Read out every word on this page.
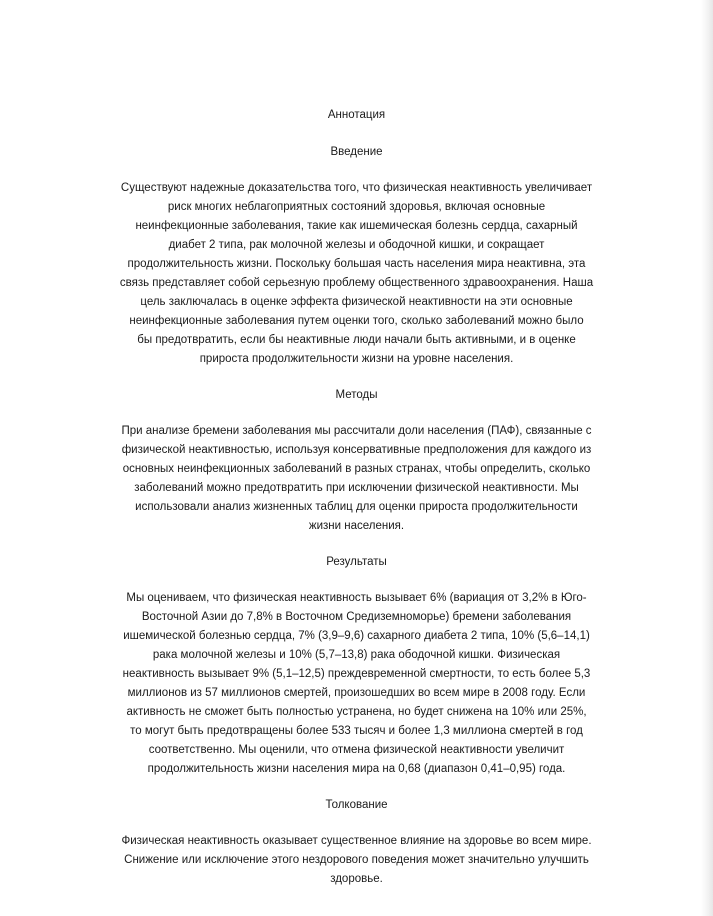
Аннотация
Введение

Существуют надежные доказательства того, что физическая неактивность увеличивает
риск многих неблагоприятных состояний здоровья, включая основные
неинфекционные заболевания, такие как ишемическая болезнь сердца, сахарный
диабет 2 типа, рак молочной железы и ободочной кишки, и сокращает
продолжительность жизни. Поскольку большая часть населения мира неактивна, эта
связь представляет собой серьезную проблему общественного здравоохранения. Наша
цель заключалась в оценке эффекта физической неактивности на эти основные
неинфекционные заболевания путем оценки того, сколько заболеваний можно было
бы предотвратить, если бы неактивные люди начали быть активными, и в оценке
прироста продолжительности жизни на уровне населения.

Методы

При анализе бремени заболевания мы рассчитали доли населения (ПАФ), связанные с
физической неактивностью, используя консервативные предположения для каждого из
основных неинфекционных заболеваний в разных странах, чтобы определить, сколько
заболеваний можно предотвратить при исключении физической неактивности. Мы
использовали анализ жизненных таблиц для оценки прироста продолжительности
жизни населения.

Результаты

Мы оцениваем, что физическая неактивность вызывает 6% (вариация от 3,2% в Юго-
Восточной Азии до 7,8% в Восточном Средиземноморье) бремени заболевания
ишемической болезнью сердца, 7% (3,9–9,6) сахарного диабета 2 типа, 10% (5,6–14,1)
рака молочной железы и 10% (5,7–13,8) рака ободочной кишки. Физическая
неактивность вызывает 9% (5,1–12,5) преждевременной смертности, то есть более 5,3
миллионов из 57 миллионов смертей, произошедших во всем мире в 2008 году. Если
активность не сможет быть полностью устранена, но будет снижена на 10% или 25%,
то могут быть предотвращены более 533 тысяч и более 1,3 миллиона смертей в год
соответственно. Мы оценили, что отмена физической неактивности увеличит
продолжительность жизни населения мира на 0,68 (диапазон 0,41–0,95) года.

Толкование

Физическая неактивность оказывает существенное влияние на здоровье во всем мире.
Снижение или исключение этого нездорового поведения может значительно улучшить
здоровье.
